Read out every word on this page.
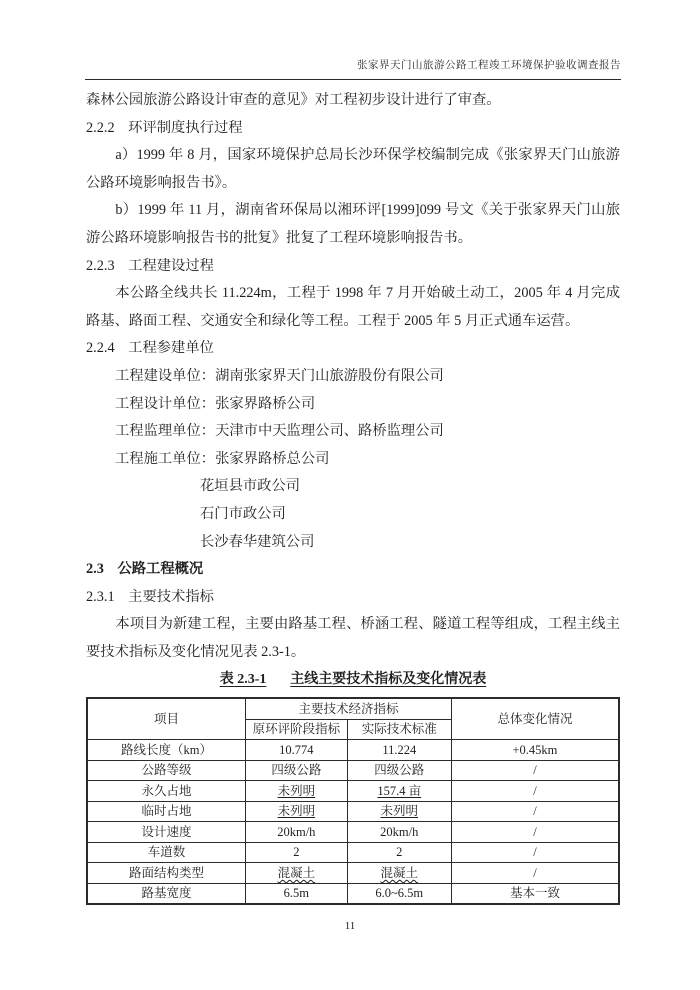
张家界天门山旅游公路工程竣工环境保护验收调查报告

森林公园旅游公路设计审查的意见》对工程初步设计进行了审查。

2.2.2 环评制度执行过程

a）1999 年 8 月，国家环境保护总局长沙环保学校编制完成《张家界天门山旅游公路环境影响报告书》。

b）1999 年 11 月，湖南省环保局以湘环评[1999]099 号文《关于张家界天门山旅游公路环境影响报告书的批复》批复了工程环境影响报告书。

2.2.3 工程建设过程

本公路全线共长 11.224m，工程于 1998 年 7 月开始破土动工，2005 年 4 月完成路基、路面工程、交通安全和绿化等工程。工程于 2005 年 5 月正式通车运营。

2.2.4 工程参建单位

工程建设单位：湖南张家界天门山旅游股份有限公司

工程设计单位：张家界路桥公司

工程监理单位：天津市中天监理公司、路桥监理公司

工程施工单位：张家界路桥总公司

花垣县市政公司

石门市政公司

长沙春华建筑公司

2.3 公路工程概况

2.3.1 主要技术指标

本项目为新建工程，主要由路基工程、桥涵工程、隧道工程等组成，工程主线主要技术指标及变化情况见表 2.3-1。

表 2.3-1 主线主要技术指标及变化情况表

项目	主要技术经济指标		总体变化情况
	原环评阶段指标	实际技术标准	
路线长度（km）	10.774	11.224	+0.45km
公路等级	四级公路	四级公路	/
永久占地	未列明	157.4 亩	/
临时占地	未列明	未列明	/
设计速度	20km/h	20km/h	/
车道数	2	2	/
路面结构类型	混凝土	混凝土	/
路基宽度	6.5m	6.0~6.5m	基本一致
11
